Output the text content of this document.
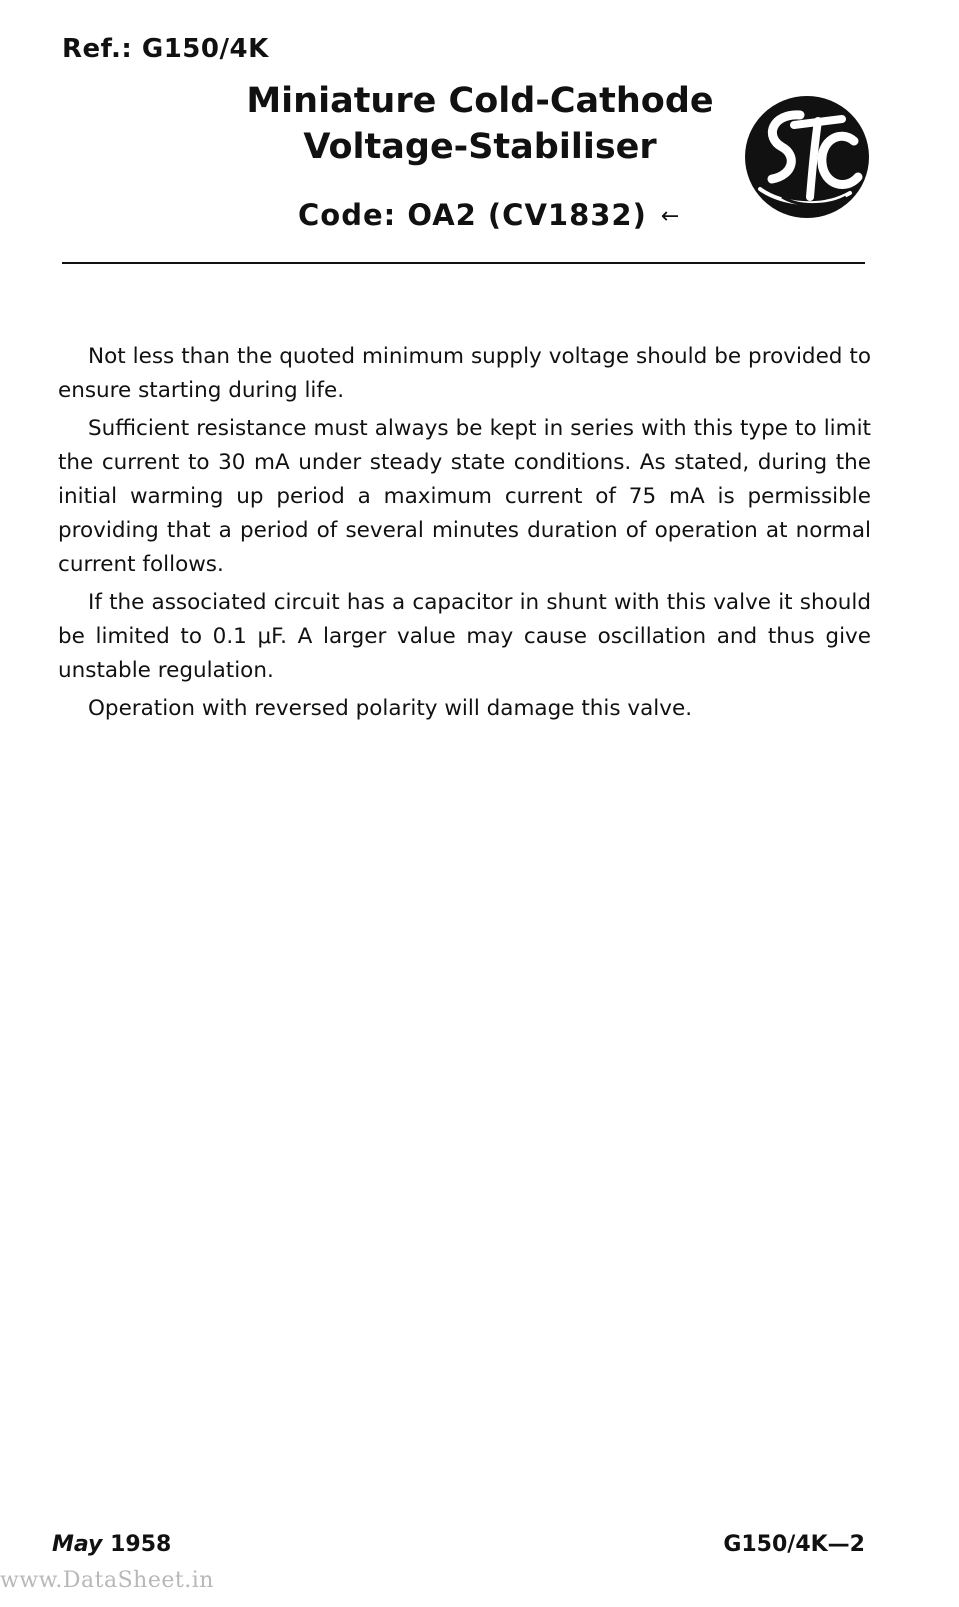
Ref.: G150/4K
Miniature Cold-Cathode
Voltage-Stabiliser
Code: OA2 (CV1832) ←

Not less than the quoted minimum supply voltage should be provided to ensure starting during life.

Sufficient resistance must always be kept in series with this type to limit the current to 30 mA under steady state conditions. As stated, during the initial warming up period a maximum current of 75 mA is permissible providing that a period of several minutes duration of operation at normal current follows.

If the associated circuit has a capacitor in shunt with this valve it should be limited to 0.1 μF. A larger value may cause oscillation and thus give unstable regulation.

Operation with reversed polarity will damage this valve.

May 1958	G150/4K—2
www.DataSheet.in
